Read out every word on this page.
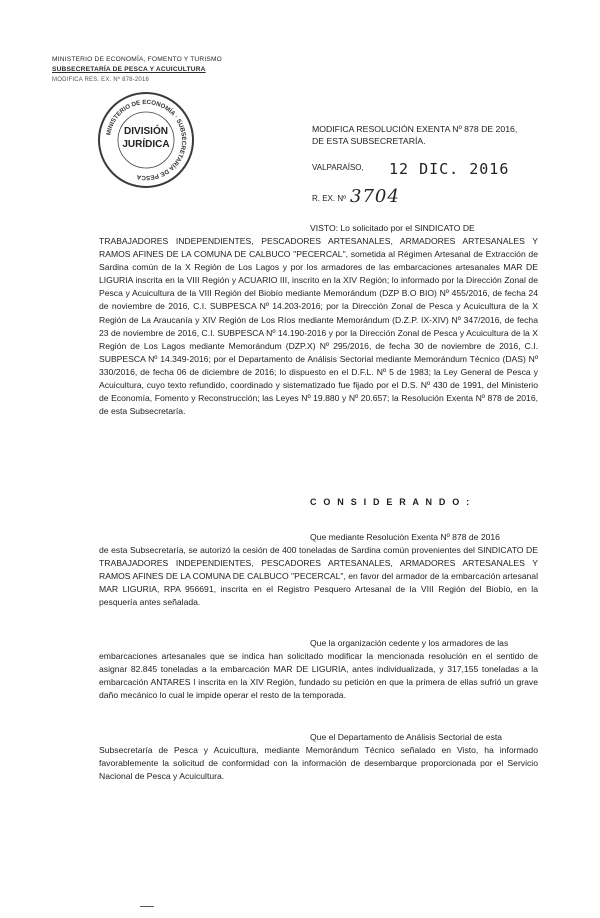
MINISTERIO DE ECONOMÍA, FOMENTO Y TURISMO
SUBSECRETARÍA DE PESCA Y ACUICULTURA
MODIFICA RES. EX. Nº 878-2016
MINISTERIO DE ECONOMÍA · SUBSECRETARÍA DE PESCA
DIVISIÓN
JURÍDICA
MODIFICA RESOLUCIÓN EXENTA Nº 878 DE 2016,
DE ESTA SUBSECRETARÍA.
VALPARAÍSO, 12 DIC. 2016
R. EX. Nº 3704
VISTO: Lo solicitado por el SINDICATO DE
TRABAJADORES INDEPENDIENTES, PESCADORES ARTESANALES, ARMADORES ARTESANALES Y RAMOS AFINES DE LA COMUNA DE CALBUCO "PECERCAL", sometida al Régimen Artesanal de Extracción de Sardina común de la X Región de Los Lagos y por los armadores de las embarcaciones artesanales MAR DE LIGURIA inscrita en la VIII Región y ACUARIO III, inscrito en la XIV Región; lo informado por la Dirección Zonal de Pesca y Acuicultura de la VIII Región del Biobío mediante Memorándum (DZP B.O BIO) Nº 455/2016, de fecha 24 de noviembre de 2016, C.I. SUBPESCA Nº 14.203-2016; por la Dirección Zonal de Pesca y Acuicultura de la X Región de La Araucanía y XIV Región de Los Ríos mediante Memorándum (D.Z.P. IX-XIV) Nº 347/2016, de fecha 23 de noviembre de 2016, C.I. SUBPESCA Nº 14.190-2016 y por la Dirección Zonal de Pesca y Acuicultura de la X Región de Los Lagos mediante Memorándum (DZP.X) Nº 295/2016, de fecha 30 de noviembre de 2016, C.I. SUBPESCA Nº 14.349-2016; por el Departamento de Análisis Sectorial mediante Memorándum Técnico (DAS) Nº 330/2016, de fecha 06 de diciembre de 2016; lo dispuesto en el D.F.L. Nº 5 de 1983; la Ley General de Pesca y Acuicultura, cuyo texto refundido, coordinado y sistematizado fue fijado por el D.S. Nº 430 de 1991, del Ministerio de Economía, Fomento y Reconstrucción; las Leyes Nº 19.880 y Nº 20.657; la Resolución Exenta Nº 878 de 2016, de esta Subsecretaría.
C O N S I D E R A N D O :
Que mediante Resolución Exenta Nº 878 de 2016
de esta Subsecretaría, se autorizó la cesión de 400 toneladas de Sardina común provenientes del SINDICATO DE TRABAJADORES INDEPENDIENTES, PESCADORES ARTESANALES, ARMADORES ARTESANALES Y RAMOS AFINES DE LA COMUNA DE CALBUCO "PECERCAL", en favor del armador de la embarcación artesanal MAR LIGURIA, RPA 956691, inscrita en el Registro Pesquero Artesanal de la VIII Región del Biobío, en la pesquería antes señalada.
Que la organización cedente y los armadores de las
embarcaciones artesanales que se indica han solicitado modificar la mencionada resolución en el sentido de asignar 82.845 toneladas a la embarcación MAR DE LIGURIA, antes individualizada, y 317,155 toneladas a la embarcación ANTARES I inscrita en la XIV Región, fundado su petición en que la primera de ellas sufrió un grave daño mecánico lo cual le impide operar el resto de la temporada.
Que el Departamento de Análisis Sectorial de esta
Subsecretaría de Pesca y Acuicultura, mediante Memorándum Técnico señalado en Visto, ha informado favorablemente la solicitud de conformidad con la información de desembarque proporcionada por el Servicio Nacional de Pesca y Acuicultura.
